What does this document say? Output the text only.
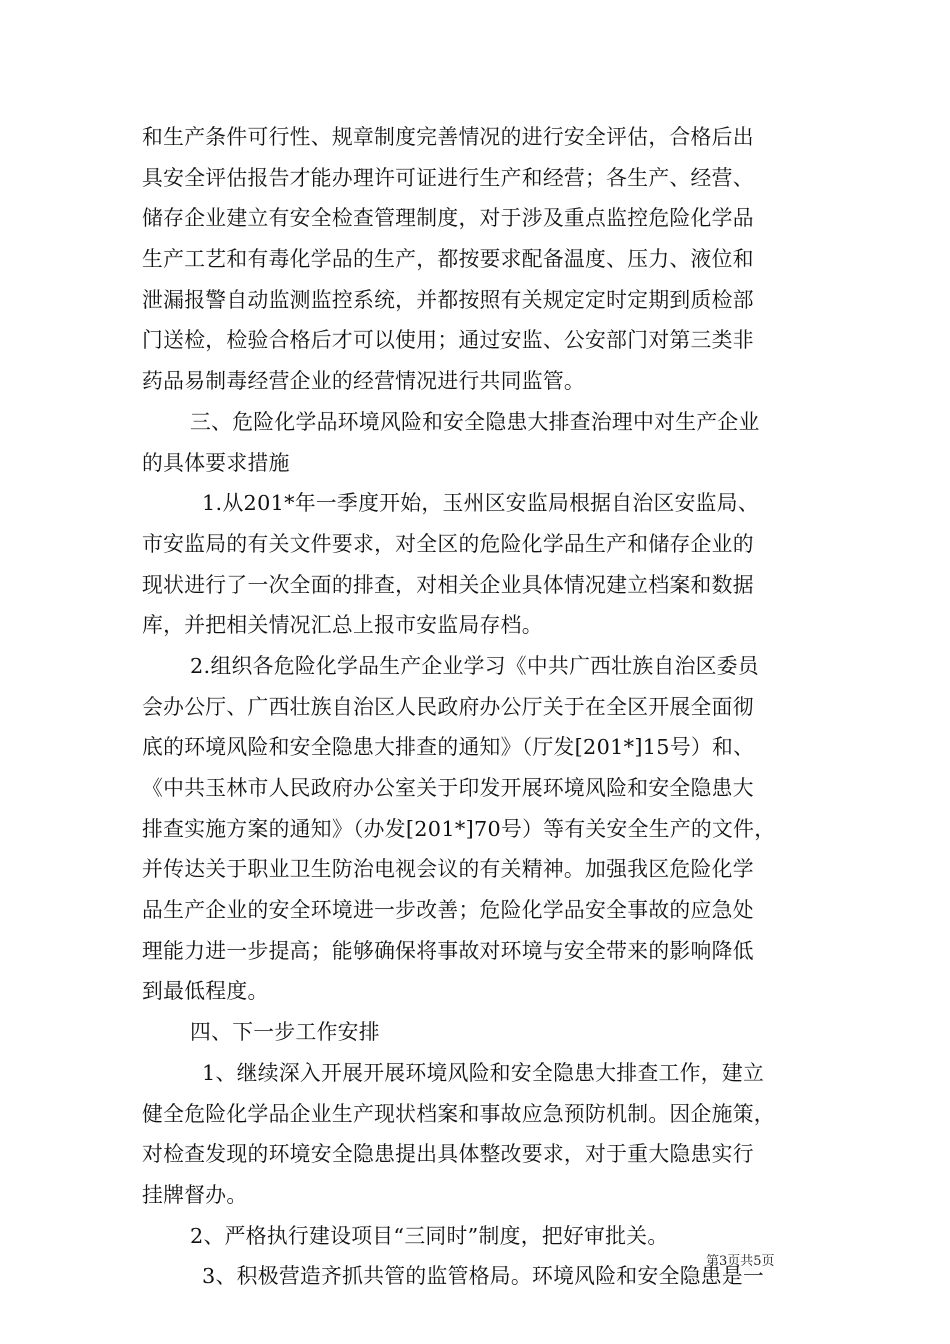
和生产条件可行性、规章制度完善情况的进行安全评估，合格后出
具安全评估报告才能办理许可证进行生产和经营；各生产、经营、
储存企业建立有安全检查管理制度，对于涉及重点监控危险化学品
生产工艺和有毒化学品的生产，都按要求配备温度、压力、液位和
泄漏报警自动监测监控系统，并都按照有关规定定时定期到质检部
门送检，检验合格后才可以使用；通过安监、公安部门对第三类非
药品易制毒经营企业的经营情况进行共同监管。
三、危险化学品环境风险和安全隐患大排查治理中对生产企业
的具体要求措施
1.从201*年一季度开始，玉州区安监局根据自治区安监局、
市安监局的有关文件要求，对全区的危险化学品生产和储存企业的
现状进行了一次全面的排查，对相关企业具体情况建立档案和数据
库，并把相关情况汇总上报市安监局存档。
2.组织各危险化学品生产企业学习《中共广西壮族自治区委员
会办公厅、广西壮族自治区人民政府办公厅关于在全区开展全面彻
底的环境风险和安全隐患大排查的通知》（厅发[201*]15号）和、
《中共玉林市人民政府办公室关于印发开展环境风险和安全隐患大
排查实施方案的通知》（办发[201*]70号）等有关安全生产的文件，
并传达关于职业卫生防治电视会议的有关精神。加强我区危险化学
品生产企业的安全环境进一步改善；危险化学品安全事故的应急处
理能力进一步提高；能够确保将事故对环境与安全带来的影响降低
到最低程度。
四、下一步工作安排
1、继续深入开展开展环境风险和安全隐患大排查工作，建立
健全危险化学品企业生产现状档案和事故应急预防机制。因企施策，
对检查发现的环境安全隐患提出具体整改要求，对于重大隐患实行
挂牌督办。
2、严格执行建设项目“三同时”制度，把好审批关。
3、积极营造齐抓共管的监管格局。环境风险和安全隐患是一
第3页共5页
